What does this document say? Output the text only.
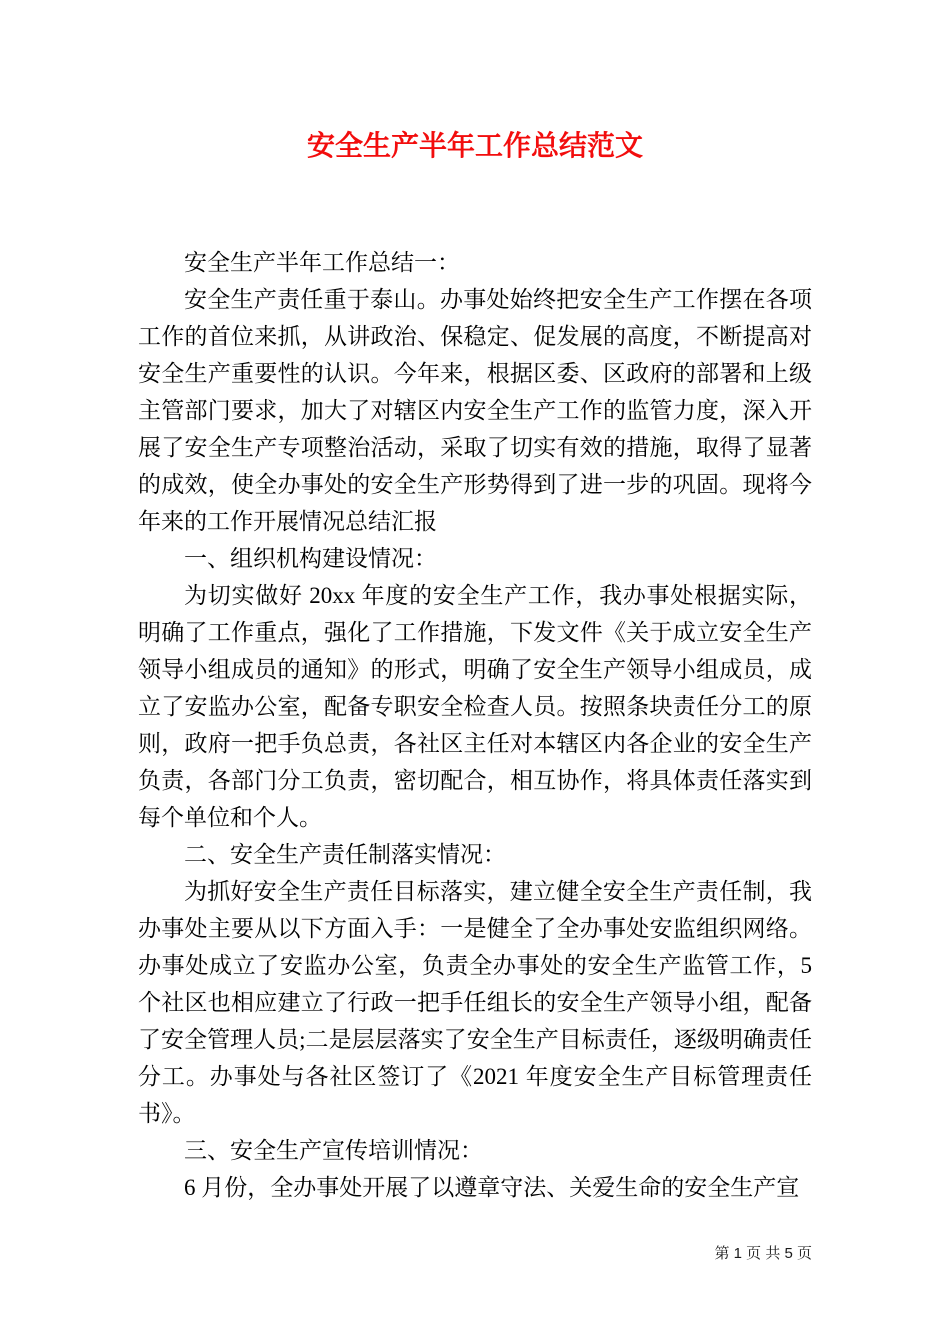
安全生产半年工作总结范文

安全生产半年工作总结一：

安全生产责任重于泰山。办事处始终把安全生产工作摆在各项工作的首位来抓，从讲政治、保稳定、促发展的高度，不断提高对安全生产重要性的认识。今年来，根据区委、区政府的部署和上级主管部门要求，加大了对辖区内安全生产工作的监管力度，深入开展了安全生产专项整治活动，采取了切实有效的措施，取得了显著的成效，使全办事处的安全生产形势得到了进一步的巩固。现将今年来的工作开展情况总结汇报

一、组织机构建设情况：

为切实做好 20xx 年度的安全生产工作，我办事处根据实际，明确了工作重点，强化了工作措施，下发文件《关于成立安全生产领导小组成员的通知》的形式，明确了安全生产领导小组成员，成立了安监办公室，配备专职安全检查人员。按照条块责任分工的原则，政府一把手负总责，各社区主任对本辖区内各企业的安全生产负责，各部门分工负责，密切配合，相互协作，将具体责任落实到每个单位和个人。

二、安全生产责任制落实情况：

为抓好安全生产责任目标落实，建立健全安全生产责任制，我办事处主要从以下方面入手：一是健全了全办事处安监组织网络。办事处成立了安监办公室，负责全办事处的安全生产监管工作，5 个社区也相应建立了行政一把手任组长的安全生产领导小组，配备了安全管理人员;二是层层落实了安全生产目标责任，逐级明确责任分工。办事处与各社区签订了《2021 年度安全生产目标管理责任书》。

三、安全生产宣传培训情况：

6 月份，全办事处开展了以遵章守法、关爱生命的安全生产宣

第 1 页 共 5 页
